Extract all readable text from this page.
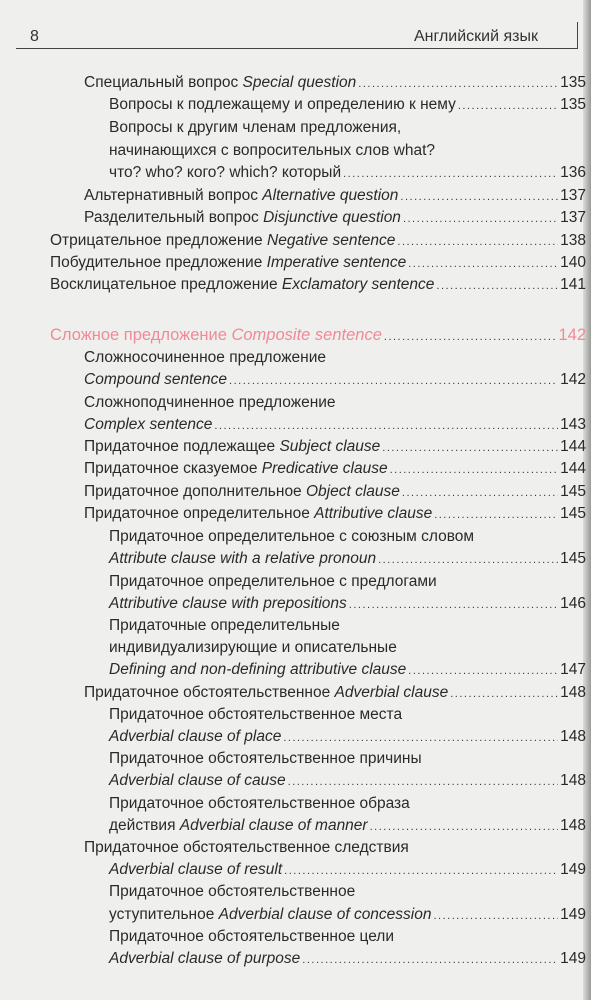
8	Английский язык
Специальный вопрос Special question .....	135
Вопросы к подлежащему и определению к нему .....	135
Вопросы к другим членам предложения,
начинающихся с вопросительных слов what?
что? who? кого? which? который .....	136
Альтернативный вопрос Alternative question .....	137
Разделительный вопрос Disjunctive question .....	137
Отрицательное предложение Negative sentence .....	138
Побудительное предложение Imperative sentence .....	140
Восклицательное предложение Exclamatory sentence .....	141
Сложное предложение Composite sentence .....	142
Сложносочиненное предложение
Compound sentence .....	142
Сложноподчиненное предложение
Complex sentence .....	143
Придаточное подлежащее Subject clause .....	144
Придаточное сказуемое Predicative clause .....	144
Придаточное дополнительное Object clause .....	145
Придаточное определительное Attributive clause .....	145
Придаточное определительное с союзным словом
Attribute clause with a relative pronoun .....	145
Придаточное определительное с предлогами
Attributive clause with prepositions .....	146
Придаточные определительные
индивидуализирующие и описательные
Defining and non-defining attributive clause .....	147
Придаточное обстоятельственное Adverbial clause .....	148
Придаточное обстоятельственное места
Adverbial clause of place .....	148
Придаточное обстоятельственное причины
Adverbial clause of cause .....	148
Придаточное обстоятельственное образа
действия Adverbial clause of manner .....	148
Придаточное обстоятельственное следствия
Adverbial clause of result .....	149
Придаточное обстоятельственное
уступительное Adverbial clause of concession .....	149
Придаточное обстоятельственное цели
Adverbial clause of purpose .....	149
